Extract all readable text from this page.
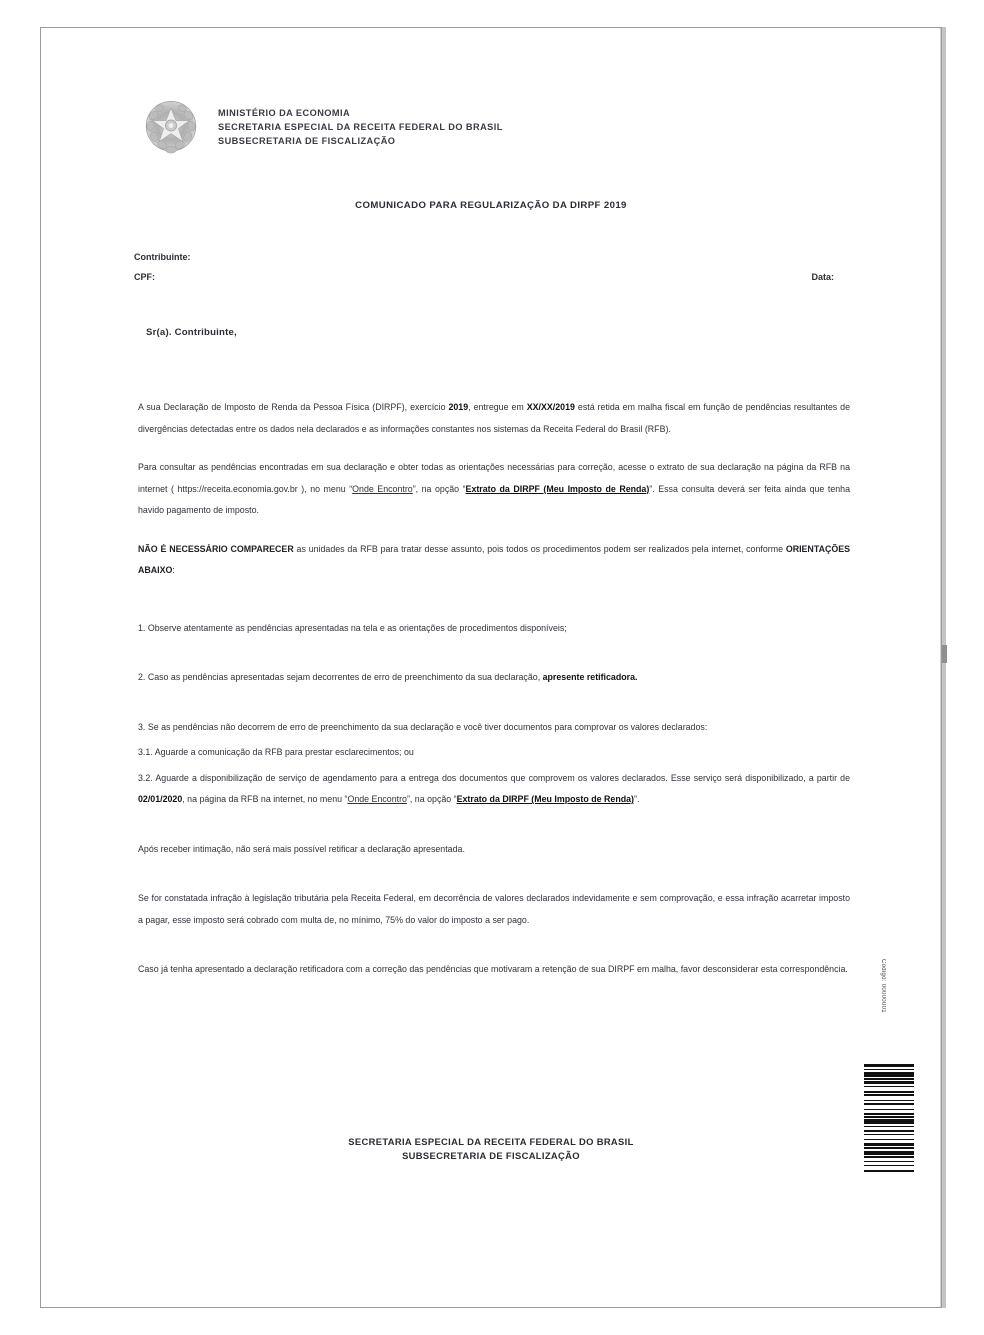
MINISTÉRIO DA ECONOMIA
SECRETARIA ESPECIAL DA RECEITA FEDERAL DO BRASIL
SUBSECRETARIA DE FISCALIZAÇÃO
COMUNICADO PARA REGULARIZAÇÃO DA DIRPF 2019
Contribuinte:
CPF:	Data:
Sr(a). Contribuinte,

A sua Declaração de Imposto de Renda da Pessoa Física (DIRPF), exercício 2019, entregue em XX/XX/2019 está retida em malha fiscal em função de pendências resultantes de divergências detectadas entre os dados nela declarados e as informações constantes nos sistemas da Receita Federal do Brasil (RFB).

Para consultar as pendências encontradas em sua declaração e obter todas as orientações necessárias para correção, acesse o extrato de sua declaração na página da RFB na internet ( https://receita.economia.gov.br ), no menu “Onde Encontro”, na opção “Extrato da DIRPF (Meu Imposto de Renda)”. Essa consulta deverá ser feita ainda que tenha havido pagamento de imposto.

NÃO É NECESSÁRIO COMPARECER as unidades da RFB para tratar desse assunto, pois todos os procedimentos podem ser realizados pela internet, conforme ORIENTAÇÕES ABAIXO:

1. Observe atentamente as pendências apresentadas na tela e as orientações de procedimentos disponíveis;

2. Caso as pendências apresentadas sejam decorrentes de erro de preenchimento da sua declaração, apresente retificadora.

3. Se as pendências não decorrem de erro de preenchimento da sua declaração e você tiver documentos para comprovar os valores declarados:

3.1. Aguarde a comunicação da RFB para prestar esclarecimentos; ou

3.2. Aguarde a disponibilização de serviço de agendamento para a entrega dos documentos que comprovem os valores declarados. Esse serviço será disponibilizado, a partir de 02/01/2020, na página da RFB na internet, no menu “Onde Encontro”, na opção “Extrato da DIRPF (Meu Imposto de Renda)”.

Após receber intimação, não será mais possível retificar a declaração apresentada.

Se for constatada infração à legislação tributária pela Receita Federal, em decorrência de valores declarados indevidamente e sem comprovação, e essa infração acarretar imposto a pagar, esse imposto será cobrado com multa de, no mínimo, 75% do valor do imposto a ser pago.

Caso já tenha apresentado a declaração retificadora com a correção das pendências que motivaram a retenção de sua DIRPF em malha, favor desconsiderar esta correspondência.

SECRETARIA ESPECIAL DA RECEITA FEDERAL DO BRASIL
SUBSECRETARIA DE FISCALIZAÇÃO
Código: 00000001
